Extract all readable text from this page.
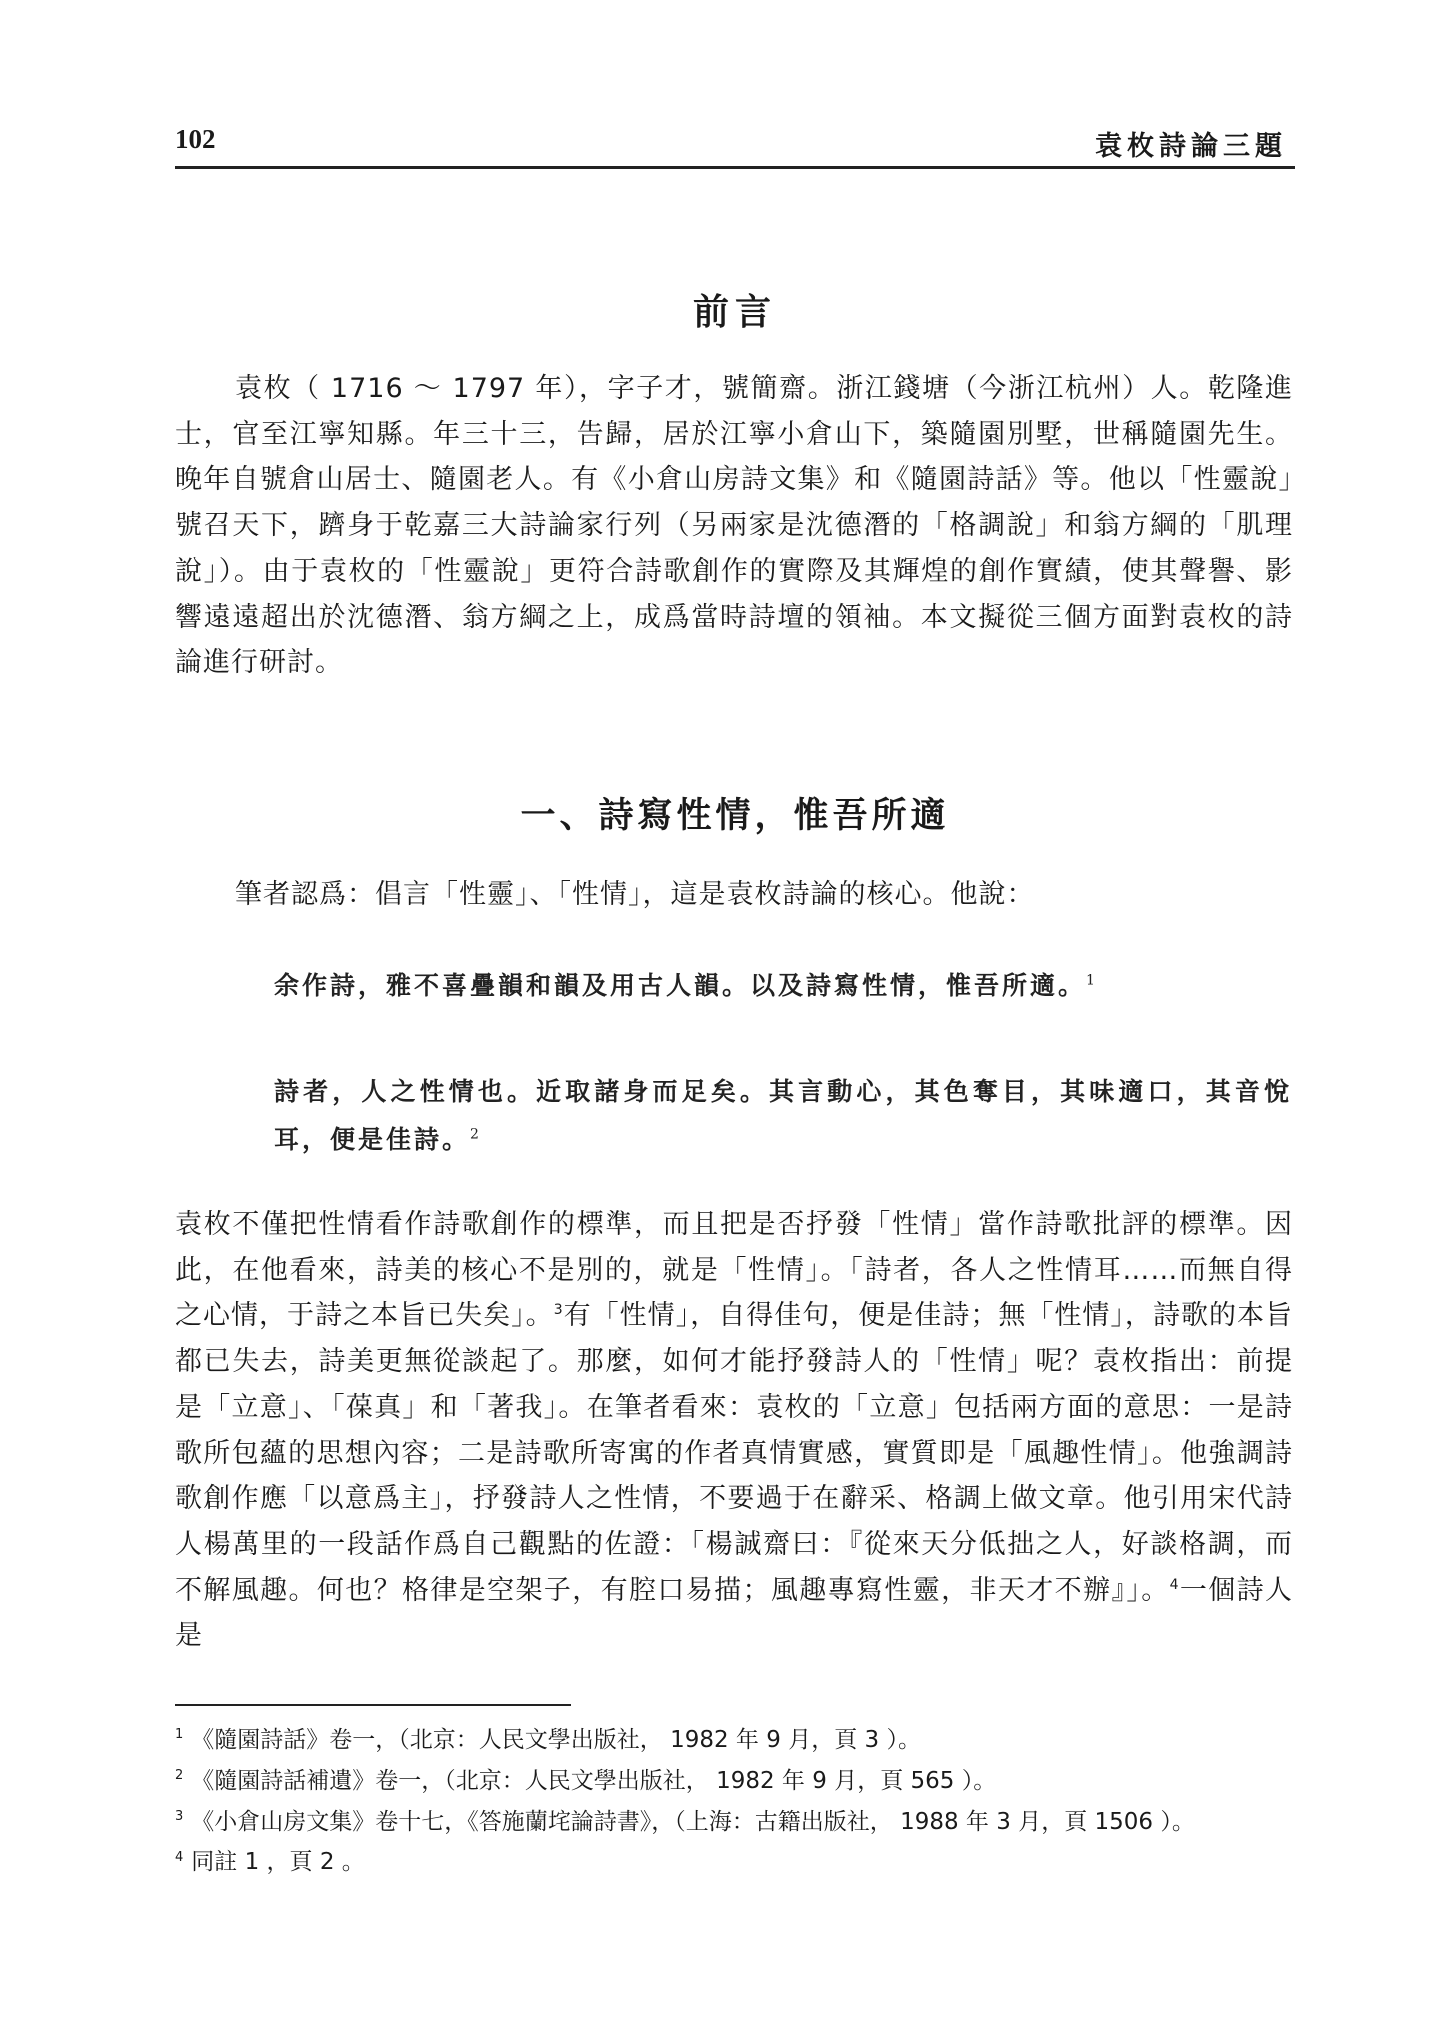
102	袁枚詩論三題
前言

袁枚（ 1716 ～ 1797 年），字子才，號簡齋。浙江錢塘（今浙江杭州）人。乾隆進士，官至江寧知縣。年三十三，告歸，居於江寧小倉山下，築隨園別墅，世稱隨園先生。晚年自號倉山居士、隨園老人。有《小倉山房詩文集》和《隨園詩話》等。他以「性靈說」號召天下，躋身于乾嘉三大詩論家行列（另兩家是沈德潛的「格調說」和翁方綱的「肌理說」）。由于袁枚的「性靈說」更符合詩歌創作的實際及其輝煌的創作實績，使其聲譽、影響遠遠超出於沈德潛、翁方綱之上，成爲當時詩壇的領袖。本文擬從三個方面對袁枚的詩論進行研討。

一、詩寫性情，惟吾所適

筆者認爲：倡言「性靈」、「性情」，這是袁枚詩論的核心。他說：

余作詩，雅不喜疊韻和韻及用古人韻。以及詩寫性情，惟吾所適。$^1$

詩者，人之性情也。近取諸身而足矣。其言動心，其色奪目，其味適口，其音悅耳，便是佳詩。$^2$

袁枚不僅把性情看作詩歌創作的標準，而且把是否抒發「性情」當作詩歌批評的標準。因此，在他看來，詩美的核心不是別的，就是「性情」。「詩者，各人之性情耳……而無自得之心情，于詩之本旨已失矣」。$^3$有「性情」，自得佳句，便是佳詩；無「性情」，詩歌的本旨都已失去，詩美更無從談起了。那麼，如何才能抒發詩人的「性情」呢？袁枚指出：前提是「立意」、「葆真」和「著我」。在筆者看來：袁枚的「立意」包括兩方面的意思：一是詩歌所包蘊的思想內容；二是詩歌所寄寓的作者真情實感，實質即是「風趣性情」。他強調詩歌創作應「以意爲主」，抒發詩人之性情，不要過于在辭采、格調上做文章。他引用宋代詩人楊萬里的一段話作爲自己觀點的佐證：「楊誠齋曰：『從來天分低拙之人，好談格調，而不解風趣。何也？格律是空架子，有腔口易描；風趣專寫性靈，非天才不辦』」。$^4$一個詩人是

$^1$ 《隨園詩話》卷一，（北京：人民文學出版社， 1982 年 9 月，頁 3 ）。
$^2$ 《隨園詩話補遺》卷一，（北京：人民文學出版社， 1982 年 9 月，頁 565 ）。
$^3$ 《小倉山房文集》卷十七，《答施蘭垞論詩書》，（上海：古籍出版社， 1988 年 3 月，頁 1506 ）。
$^4$ 同註 1 ，頁 2 。
